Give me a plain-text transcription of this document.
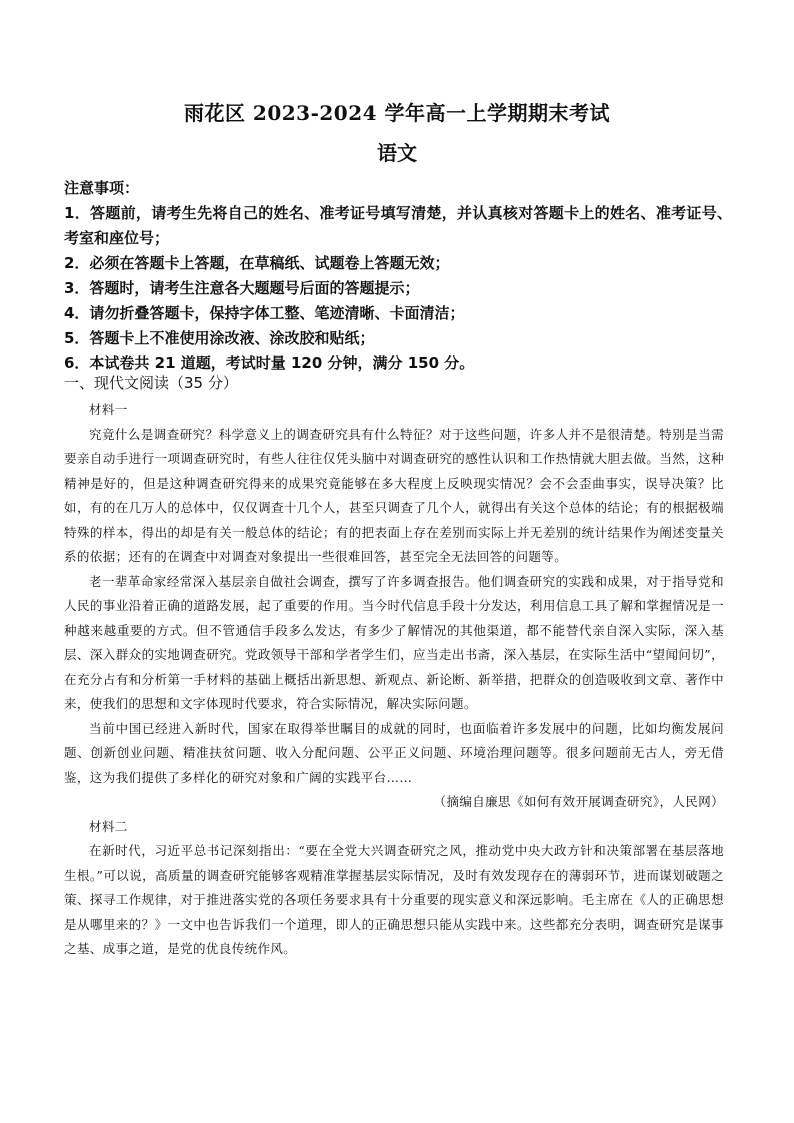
雨花区 2023-2024 学年高一上学期期末考试
语文

注意事项：

1．答题前，请考生先将自己的姓名、准考证号填写清楚，并认真核对答题卡上的姓名、准考证号、考室和座位号；

2．必须在答题卡上答题，在草稿纸、试题卷上答题无效；

3．答题时，请考生注意各大题题号后面的答题提示；

4．请勿折叠答题卡，保持字体工整、笔迹清晰、卡面清洁；

5．答题卡上不准使用涂改液、涂改胶和贴纸；

6．本试卷共 21 道题，考试时量 120 分钟，满分 150 分。

一、现代文阅读（35 分）

材料一

究竟什么是调查研究？科学意义上的调查研究具有什么特征？对于这些问题，许多人并不是很清楚。特别是当需要亲自动手进行一项调查研究时，有些人往往仅凭头脑中对调查研究的感性认识和工作热情就大胆去做。当然，这种精神是好的，但是这种调查研究得来的成果究竟能够在多大程度上反映现实情况？会不会歪曲事实，误导决策？比如，有的在几万人的总体中，仅仅调查十几个人，甚至只调查了几个人，就得出有关这个总体的结论；有的根据极端特殊的样本，得出的却是有关一般总体的结论；有的把表面上存在差别而实际上并无差别的统计结果作为阐述变量关系的依据；还有的在调查中对调查对象提出一些很难回答，甚至完全无法回答的问题等。

老一辈革命家经常深入基层亲自做社会调查，撰写了许多调查报告。他们调查研究的实践和成果，对于指导党和人民的事业沿着正确的道路发展，起了重要的作用。当今时代信息手段十分发达，利用信息工具了解和掌握情况是一种越来越重要的方式。但不管通信手段多么发达，有多少了解情况的其他渠道，都不能替代亲自深入实际，深入基层、深入群众的实地调查研究。党政领导干部和学者学生们，应当走出书斋，深入基层，在实际生活中“望闻问切”，在充分占有和分析第一手材料的基础上概括出新思想、新观点、新论断、新举措，把群众的创造吸收到文章、著作中来，使我们的思想和文字体现时代要求，符合实际情况，解决实际问题。

当前中国已经进入新时代，国家在取得举世瞩目的成就的同时，也面临着许多发展中的问题，比如均衡发展问题、创新创业问题、精准扶贫问题、收入分配问题、公平正义问题、环境治理问题等。很多问题前无古人，旁无借鉴，这为我们提供了多样化的研究对象和广阔的实践平台……

（摘编自廉思《如何有效开展调查研究》，人民网）

材料二

在新时代，习近平总书记深刻指出：“要在全党大兴调查研究之风，推动党中央大政方针和决策部署在基层落地生根。”可以说，高质量的调查研究能够客观精准掌握基层实际情况，及时有效发现存在的薄弱环节，进而谋划破题之策、探寻工作规律，对于推进落实党的各项任务要求具有十分重要的现实意义和深远影响。毛主席在《人的正确思想是从哪里来的？》一文中也告诉我们一个道理，即人的正确思想只能从实践中来。这些都充分表明，调查研究是谋事之基、成事之道，是党的优良传统作风。
